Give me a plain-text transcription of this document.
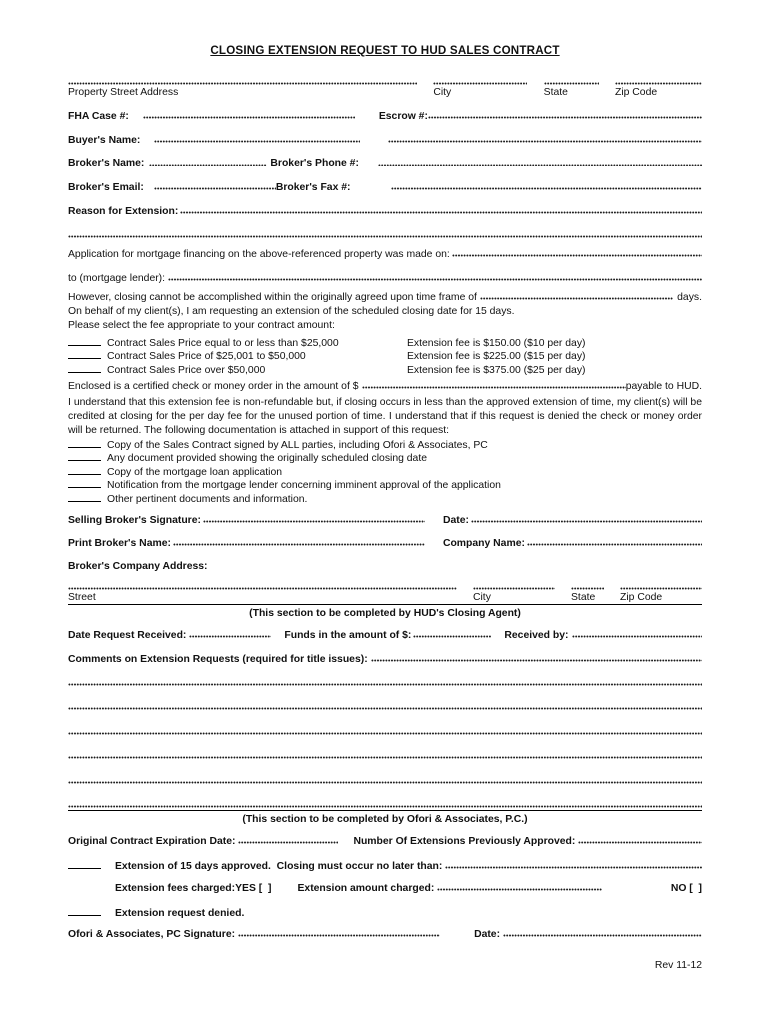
CLOSING EXTENSION REQUEST TO HUD SALES CONTRACT
Property Street Address	City	State	Zip Code
FHA Case #:	Escrow #:
Buyer's Name:
Broker's Name:	Broker's Phone #:
Broker's Email:	Broker's Fax #:
Reason for Extension:
Application for mortgage financing on the above-referenced property was made on:
to (mortgage lender):
However, closing cannot be accomplished within the originally agreed upon time frame of	days.
On behalf of my client(s), I am requesting an extension of the scheduled closing date for 15 days.
Please select the fee appropriate to your contract amount:
Contract Sales Price equal to or less than $25,000	Extension fee is $150.00 ($10 per day)
Contract Sales Price of $25,001 to $50,000	Extension fee is $225.00 ($15 per day)
Contract Sales Price over $50,000	Extension fee is $375.00 ($25 per day)
Enclosed is a certified check or money order in the amount of $	payable to HUD.
I understand that this extension fee is non-refundable but, if closing occurs in less than the approved extension of time, my client(s) will be credited at closing for the per day fee for the unused portion of time. I understand that if this request is denied the check or money order will be returned. The following documentation is attached in support of this request:
Copy of the Sales Contract signed by ALL parties, including Ofori & Associates, PC
Any document provided showing the originally scheduled closing date
Copy of the mortgage loan application
Notification from the mortgage lender concerning imminent approval of the application
Other pertinent documents and information.
Selling Broker's Signature:	Date:
Print Broker's Name:	Company Name:
Broker's Company Address:
Street	City	State	Zip Code
(This section to be completed by HUD's Closing Agent)
Date Request Received:	Funds in the amount of $:	Received by:
Comments on Extension Requests (required for title issues):
(This section to be completed by Ofori & Associates, P.C.)
Original Contract Expiration Date:	Number Of Extensions Previously Approved:
Extension of 15 days approved.  Closing must occur no later than:
Extension fees charged:YES [  ]	Extension amount charged:	NO [  ]
Extension request denied.
Ofori & Associates, PC Signature:	Date:
Rev 11-12
